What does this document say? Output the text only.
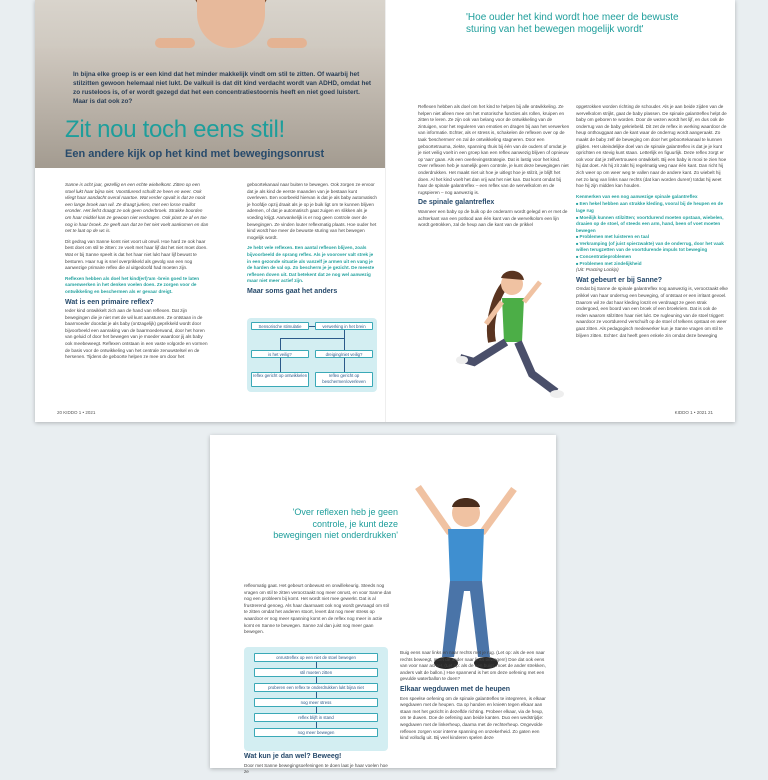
In bijna elke groep is er een kind dat het minder makkelijk vindt om stil te zitten. Of waarbij het stilzitten gewoon helemaal niet lukt. De valkuil is dat dit kind verdacht wordt van ADHD, omdat het zo rusteloos is, of er wordt gezegd dat het een concentratiestoornis heeft en niet goed luistert. Maar is dat ook zo?
Zit nou toch eens stil!
Een andere kijk op het kind met bewegingsonrust

Sanne is acht jaar, gezellig en een echte wiebelkont. Zitten op een stoel lukt haar bijna niet. Voortdurend schuift ze heen en weer. Ook vliegt haar aandacht overal naartoe. Wat verder opvalt is dat ze nooit een lange broek aan wil. Ze draagt jurken, met een losse maillot eronder. Het liefst draagt ze ook geen onderbroek. Strakke boorden om haar middel kan ze gewoon niet verdragen. Ook plast ze af en toe nog in haar broek. Ze geeft aan dat ze het niet voelt aankomen en dan net te laat op de wc is.

Dit gedrag van Sanne komt niet voort uit onwil. Hoe hard ze ook haar best doet om stil te zitten: ze voelt met haar lijf dat het niet moet doen. Wat er bij Sanne speelt is dat het haar niet lukt haar lijf bewust te besturen. Haar rug is snel overprikkeld als gevolg van een nog aanwezige primaire reflex die al uitgedoofd had moeten zijn.

Reflexen hebben als doel het kind(erl)'am -brein goed te laten samenwerken in het denken voelen doen. Ze zorgen voor de ontwikkeling en beschermen als er gevaar dreigt.

Wat is een primaire reflex?

Ieder kind ontwikkelt zich aan de hand van reflexen. Dat zijn bewegingen die je niet met de wil kunt aansturen. Ze ontstaan in de baarmoeder doordat je als baby (ontzagelijk) geprikkeld wordt door bijvoorbeeld een aanraking van de baarmoederwand, door het horen van geluid of door het bewegen van je moeder waardoor jij als baby ook meebeweegt. Reflexen ontstaan in een vaste volgorde en vormen de basis voor de ontwikkeling van het centrale zenuwstelsel en de hersenen. Tijdens de geboorte helpen ze mee om door het

geboortekanaal naar buiten te bewegen. Ook zorgen ze ervoor dat je als kind de eerste maanden van je bestaan kunt overleven. Een voorbeeld hiervan is dat je als baby automatisch je hoofdje opzij draait als je op je buik ligt om te kunnen blijven ademen, of dat je automatisch gaat zuigen en slikken als je voeding krijgt. Aanvankelijk is er nog geen controle over de bewegingen. Ze vinden louter reflexmatig plaats. Hoe ouder het kind wordt hoe meer de bewuste sturing van het bewegen mogelijk wordt.

Je hebt vele reflexen. Een aantal reflexen blijven, zoals bijvoorbeeld de sprang reflex. Als je voorover valt strek je in een gezonde situatie als vanzelf je armen uit en vang je de harden de val op. Zo bescherm je je gezicht. De meeste reflexen doven uit. Dat betekent dat ze nog wel aanwezig maar niet meer actief zijn.

Maar soms gaat het anders
Sensorische stimulatie	verwerking in het brein
is het veilig?	dreiging/niet veilig?
reflex gericht op ontwikkelen	reflex gericht op beschermen/overleven
20 KIDDO 1 • 2021
'Hoe ouder het kind wordt hoe meer de bewuste sturing van het bewegen mogelijk wordt'

Reflexen hebben als doel om het kind te helpen bij alle ontwikkeling. Ze helpen niet alleen mee om het motorische functies als rollen, kruipen en zitten te leren. Ze zijn ook van belang voor de ontwikkeling van de zintuigen, voor het reguleren van emoties en dragen bij aan het verwerken van informatie. Echter, als er stress is, schakelen de reflexen over op de taak 'beschermen' en zal de ontwikkeling stagneren. Door een geboortetrauma, ziekte, spanning thuis bij één van de ouders of omdat je je niet veilig voelt in een groep kan een reflex aanwezig blijven of opnieuw op 'aan' gaan. Als een overlevingsstrategie. Dat is lastig voor het kind. Over reflexen heb je namelijk geen controle, je kunt deze bewegingen niet onderdrukken. Het maakt niet uit hoe je uitlegt hoe je stilzit, je blijft het doen. Al het kind voelt het dan vrij wat het niet kan. Dat komt omdat bij haar de spinale galantreflex – een reflex van de wervelkolom en de rugspieren – nog aanwezig is.

De spinale galantreflex

Wanneer een baby op de buik op de onderarm wordt gelegd en er met de achterkant van een potlood aan één kant van de wervelkolom een lijn wordt getrokken, zal de heup aan die kant van de prikkel

opgetrokken worden richting de schouder. Als je aan beide zijden van de wervelkolom strijkt, gaat de baby plassen. De spinale galantreflex helpt de baby om geboren te worden. Door de wezen wordt het lijf, en dus ook de onderrug van de baby gekriebeld. Dit zet de reflex in werking waardoor de heup onthouggaat aan de kant waar de onderrug wordt aangeraakt. Zo maakt de baby zelf de beweging om door het geboortekanaal te kunnen glijden. Het uiteindelijke doel van de spinale galantreflex is dat je je kunt oprichten en stevig kunt staan. Letterlijk en figuurlijk. Deze reflex zorgt er ook voor dat je zelfvertrouwen ontwikkelt. Bij een baby is mooi te zien hoe hij dat doet. Als hij zit zakt hij regelmatig weg naar één kant. Dan richt hij zich weer op om weer weg te vallen naar de andere kant. Zo wiebelt hij net zo lang van links naar rechts (dat kan worden duren!) totdat hij weet hoe hij zijn midden kan houden.

Kenmerken van een nog aanwezige spinale galantreflex

■ Een hekel hebben aan strakke kleding, vooral bij de heupen en de lage rug
■ Moeilijk kunnen stilzitten; voortdurend moeten opstaan, wiebelen, draaien op de stoel, of steeds een arm, hand, been of voet moeten bewegen
■ Problemen met luisteren en taal
■ Verkramping (of juist spierzwakte) van de onderrug, door het vaak willen terugzetten van de voortdurende impuls tot beweging
■ Concentratieproblemen
■ Problemen met zindelijkheid

(Uit: Practing Lockip)

Wat gebeurt er bij Sanne?

Omdat bij Sanne de spinale galantreflex nog aanwezig is, veroorzaakt elke prikkel van haar onderrug een beweging, of ontstaat er een irritant gevoel. Daarom wil ze dat haar kleding loszit en verdraagt ze geen strak ondergoed, een boord van een broek of een broekriem. Dat is ook de reden waarom stilzitten haar niet lukt. De rugleuning van de stoel triggert waardoor ze voortdurend verschuift op de stoel of telkens opstaat en weer gaat zitten. Als pedagogisch medewerker kun je Sanne vragen om stil te blijven zitten. Echter: dat heeft geen enkele zin omdat deze beweging

KIDDO 1 • 2021 21
'Over reflexen heb je geen controle, je kunt deze bewegingen niet onderdrukken'

reflexmatig gaat. Het gebeurt onbewust en onwillekeurig. Steeds nog vragen om stil te zitten veroorzaakt nog meer onrust, en voor Sanne dan nog een probleem bij komt. Het wordt niet mee gewerkt. Dat is al frustrerend genoeg. Als haar daarnaast ook nog wordt gevraagd om stil te zitten omdat het anderen stoort, levert dat nog meer stress op waardoor er nog meer spanning komt en de reflex nog meer in actie komt en Sanne te bewegen. Sanne zal dan juist nog meer gaan bewegen.

onrustreflex op een niet de stoel bewegen
stil moeten zitten
proberen een reflex te onderdrukken lukt bijna niet
nog meer stress
reflex blijft in stand
nog meer bewegen
Wat kun je dan wel? Beweeg!

Door met Sanne bewegingsoefeningen te doen laat je haar voelen hoe ze

Buig eens naar links en naar rechts met je rug. (Let op: als de een naar rechts beweegt, moet de ander naar links bewegen!) Doe dat ook eens van voor naar achter. (Let op: als de een buigt, moet de ander strekken, anders valt de ballon.) Hoe spannend is het om deze oefening met een gevulde waterballon te doen?

Elkaar wegduwen met de heupen

Een speelse oefening om de spinale galantreflex te integreren, is elkaar wegduwen met de heupen. Ga op handen en knieën tegen elkaar aan staan met het gezicht in dezelfde richting. Probeer elkaar, via de heup, om te duwen. Doe de oefening aan beide kanten. Duo een wedstrijdje: wegduwen met de linkerheup, daarna met de rechterheup. Ongevolde reflexen zorgen voor interne spanning en onzekerheid. Zo gaten een kind vollodig uit. Bij veel kinderen spelen deze
